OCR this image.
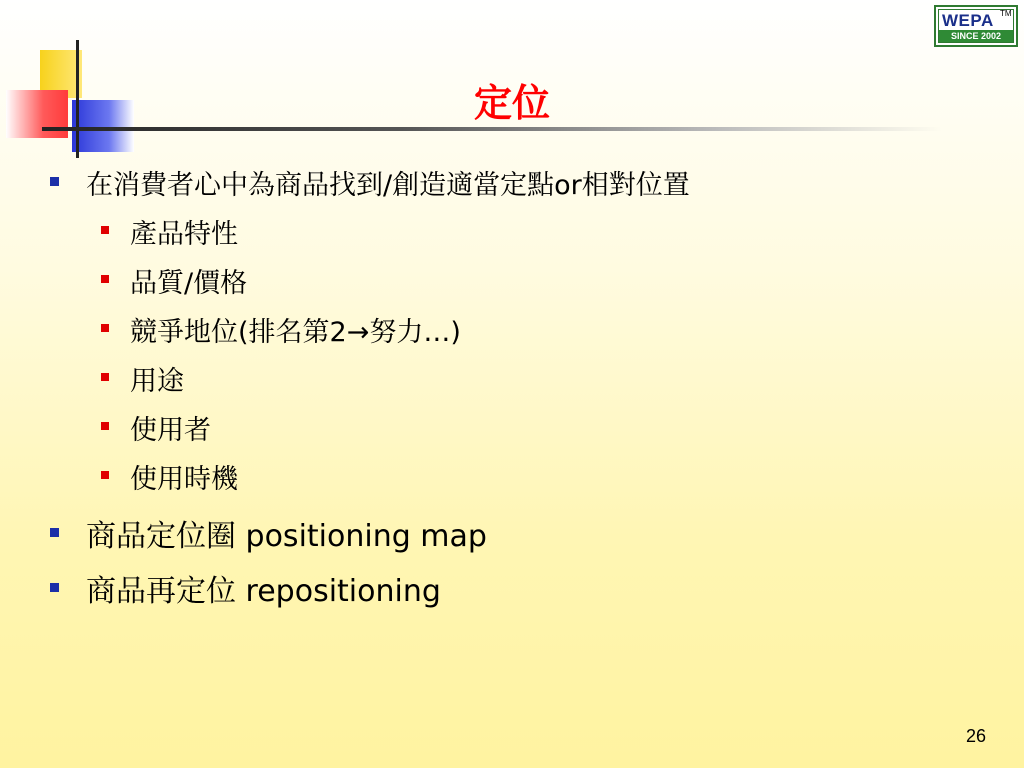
WEPA TM
SINCE 2002
定位
在消費者心中為商品找到/創造適當定點or相對位置
產品特性
品質/價格
競爭地位(排名第2→努力…)
用途
使用者
使用時機
商品定位圈 positioning map
商品再定位 repositioning
26
